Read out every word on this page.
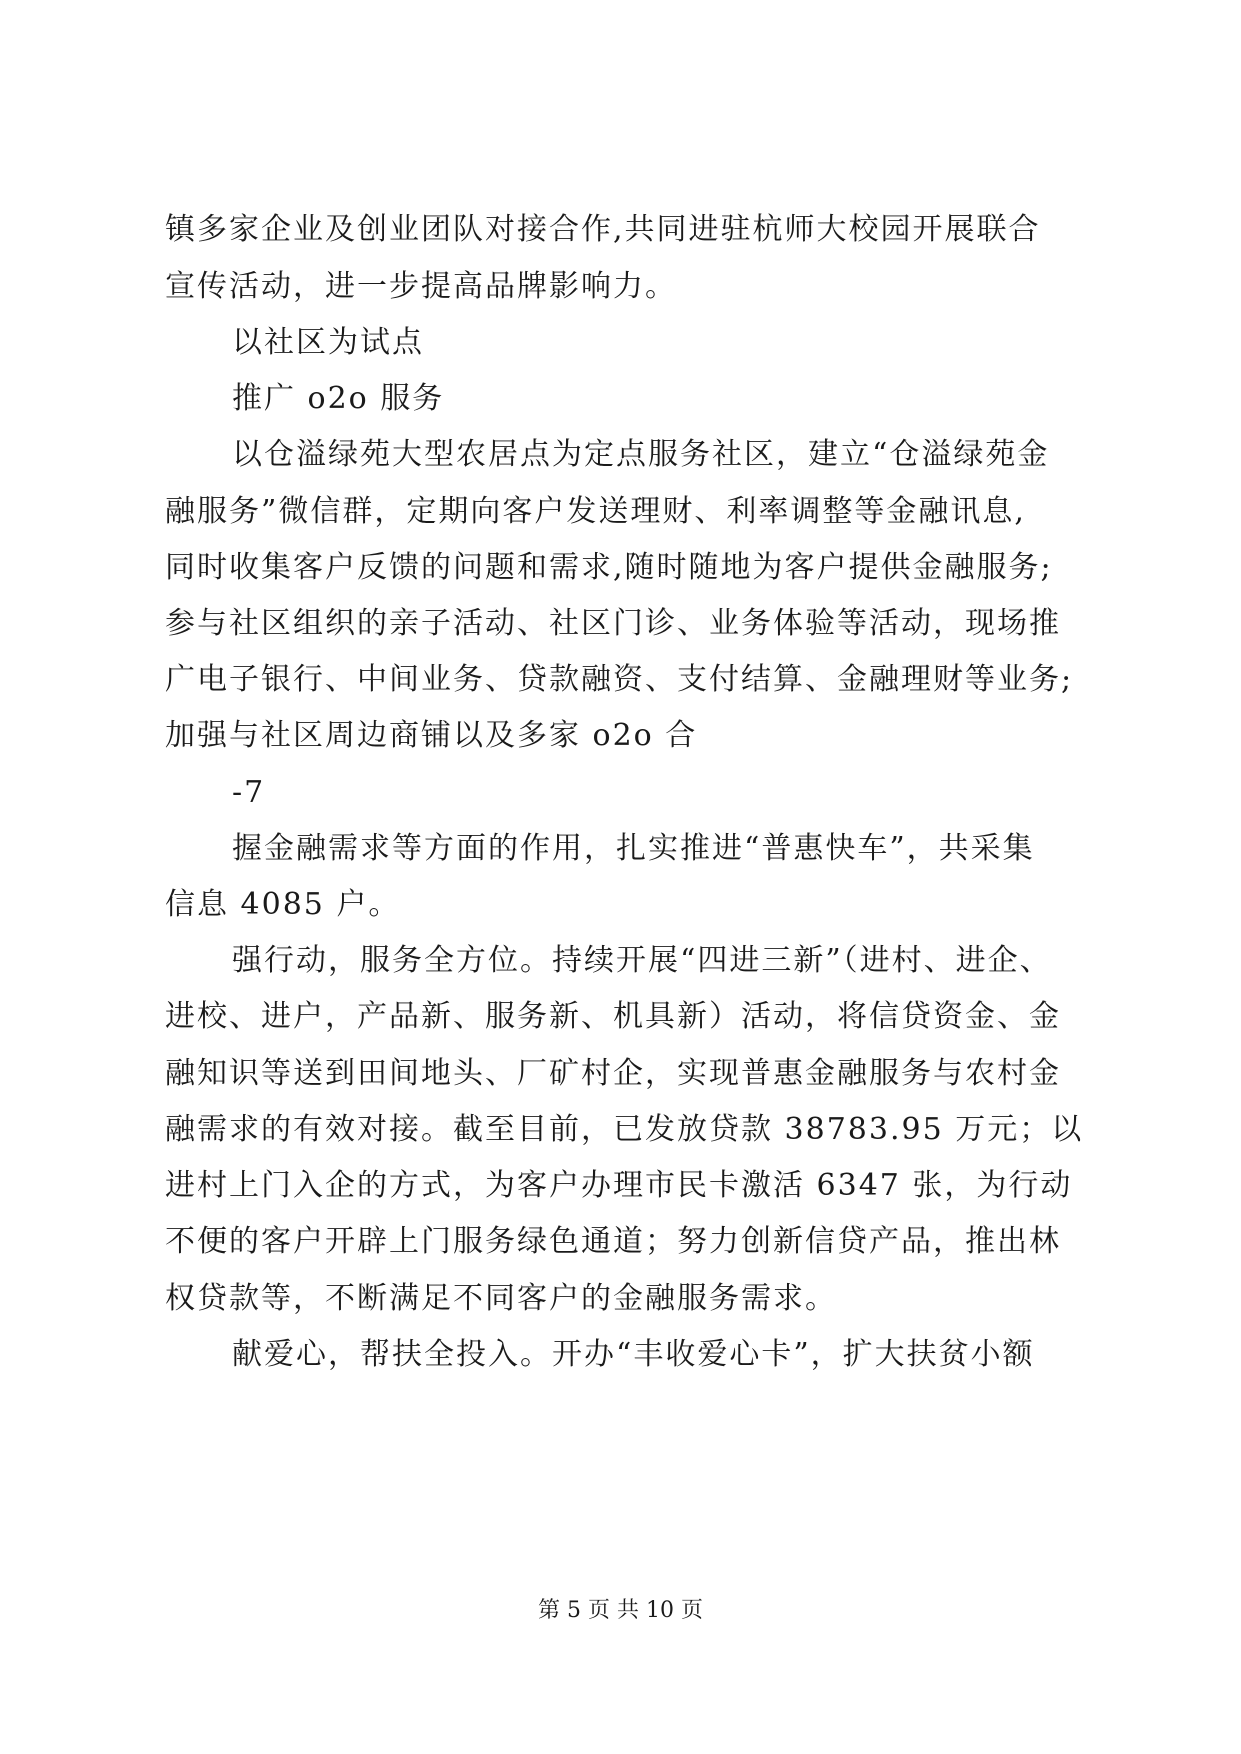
镇多家企业及创业团队对接合作,共同进驻杭师大校园开展联合
宣传活动，进一步提高品牌影响力。
以社区为试点
推广 o2o 服务
以仓溢绿苑大型农居点为定点服务社区，建立“仓溢绿苑金
融服务”微信群，定期向客户发送理财、利率调整等金融讯息,
同时收集客户反馈的问题和需求,随时随地为客户提供金融服务;
参与社区组织的亲子活动、社区门诊、业务体验等活动，现场推
广电子银行、中间业务、贷款融资、支付结算、金融理财等业务;
加强与社区周边商铺以及多家 o2o 合
-7
握金融需求等方面的作用，扎实推进“普惠快车”，共采集
信息 4085 户。
强行动，服务全方位。持续开展“四进三新”（进村、进企、
进校、进户，产品新、服务新、机具新）活动，将信贷资金、金
融知识等送到田间地头、厂矿村企，实现普惠金融服务与农村金
融需求的有效对接。截至目前，已发放贷款 38783.95 万元；以
进村上门入企的方式，为客户办理市民卡激活 6347 张，为行动
不便的客户开辟上门服务绿色通道；努力创新信贷产品，推出林
权贷款等，不断满足不同客户的金融服务需求。
献爱心，帮扶全投入。开办“丰收爱心卡”，扩大扶贫小额
第 5 页 共 10 页
